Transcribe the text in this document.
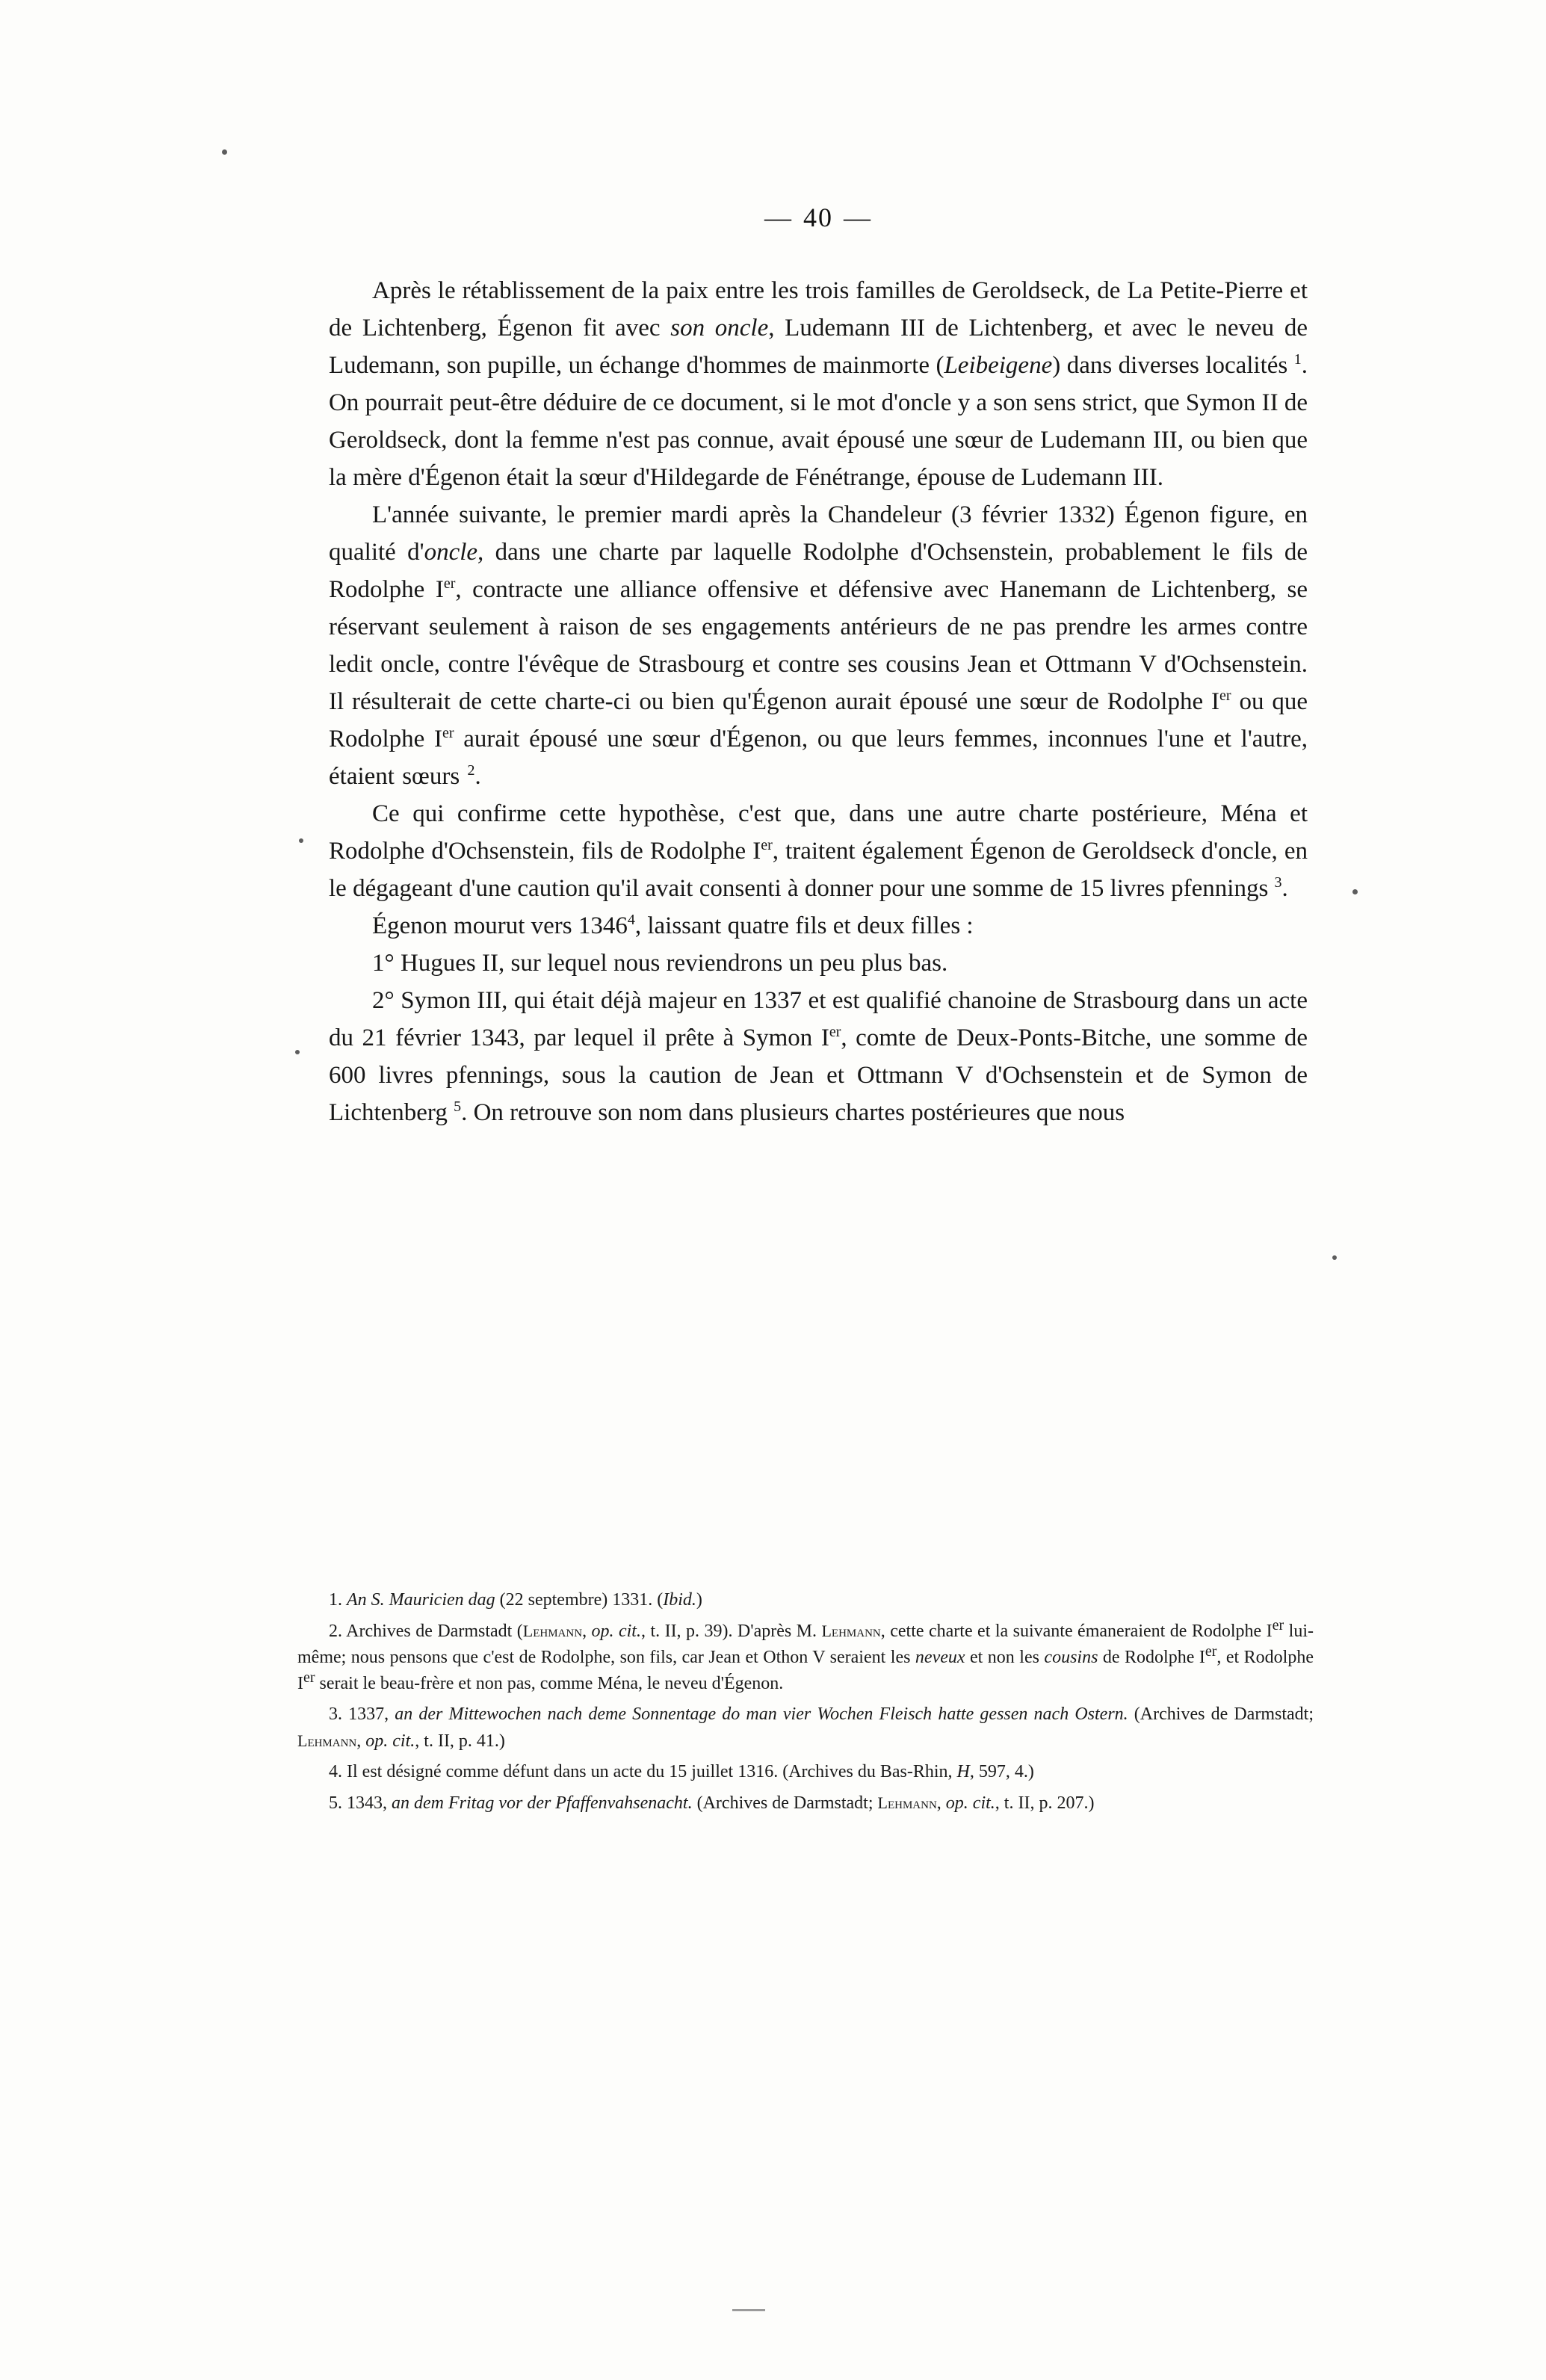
— 40 —

Après le rétablissement de la paix entre les trois familles de Geroldseck, de La Petite-Pierre et de Lichtenberg, Égenon fit avec son oncle, Ludemann III de Lichtenberg, et avec le neveu de Ludemann, son pupille, un échange d'hommes de mainmorte (Leibeigene) dans diverses localités $^1$. On pourrait peut-être déduire de ce document, si le mot d'oncle y a son sens strict, que Symon II de Geroldseck, dont la femme n'est pas connue, avait épousé une sœur de Ludemann III, ou bien que la mère d'Égenon était la sœur d'Hildegarde de Fénétrange, épouse de Ludemann III.

L'année suivante, le premier mardi après la Chandeleur (3 février 1332) Égenon figure, en qualité d'oncle, dans une charte par laquelle Rodolphe d'Ochsenstein, probablement le fils de Rodolphe Ier, contracte une alliance offensive et défensive avec Hanemann de Lichtenberg, se réservant seulement à raison de ses engagements antérieurs de ne pas prendre les armes contre ledit oncle, contre l'évêque de Strasbourg et contre ses cousins Jean et Ottmann V d'Ochsenstein. Il résulterait de cette charte-ci ou bien qu'Égenon aurait épousé une sœur de Rodolphe Ier ou que Rodolphe Ier aurait épousé une sœur d'Égenon, ou que leurs femmes, inconnues l'une et l'autre, étaient sœurs $^2$.

Ce qui confirme cette hypothèse, c'est que, dans une autre charte postérieure, Ména et Rodolphe d'Ochsenstein, fils de Rodolphe Ier, traitent également Égenon de Geroldseck d'oncle, en le dégageant d'une caution qu'il avait consenti à donner pour une somme de 15 livres pfennings $^3$.

Égenon mourut vers 1346$^4$, laissant quatre fils et deux filles :

1° Hugues II, sur lequel nous reviendrons un peu plus bas.

2° Symon III, qui était déjà majeur en 1337 et est qualifié chanoine de Strasbourg dans un acte du 21 février 1343, par lequel il prête à Symon Ier, comte de Deux-Ponts-Bitche, une somme de 600 livres pfennings, sous la caution de Jean et Ottmann V d'Ochsenstein et de Symon de Lichtenberg $^5$. On retrouve son nom dans plusieurs chartes postérieures que nous

1. An S. Mauricien dag (22 septembre) 1331. (Ibid.)

2. Archives de Darmstadt (Lehmann, op. cit., t. II, p. 39). D'après M. Lehmann, cette charte et la suivante émaneraient de Rodolphe Ier lui-même; nous pensons que c'est de Rodolphe, son fils, car Jean et Othon V seraient les neveux et non les cousins de Rodolphe Ier, et Rodolphe Ier serait le beau-frère et non pas, comme Ména, le neveu d'Égenon.

3. 1337, an der Mittewochen nach deme Sonnentage do man vier Wochen Fleisch hatte gessen nach Ostern. (Archives de Darmstadt; Lehmann, op. cit., t. II, p. 41.)

4. Il est désigné comme défunt dans un acte du 15 juillet 1316. (Archives du Bas-Rhin, H, 597, 4.)

5. 1343, an dem Fritag vor der Pfaffenvahsenacht. (Archives de Darmstadt; Lehmann, op. cit., t. II, p. 207.)
